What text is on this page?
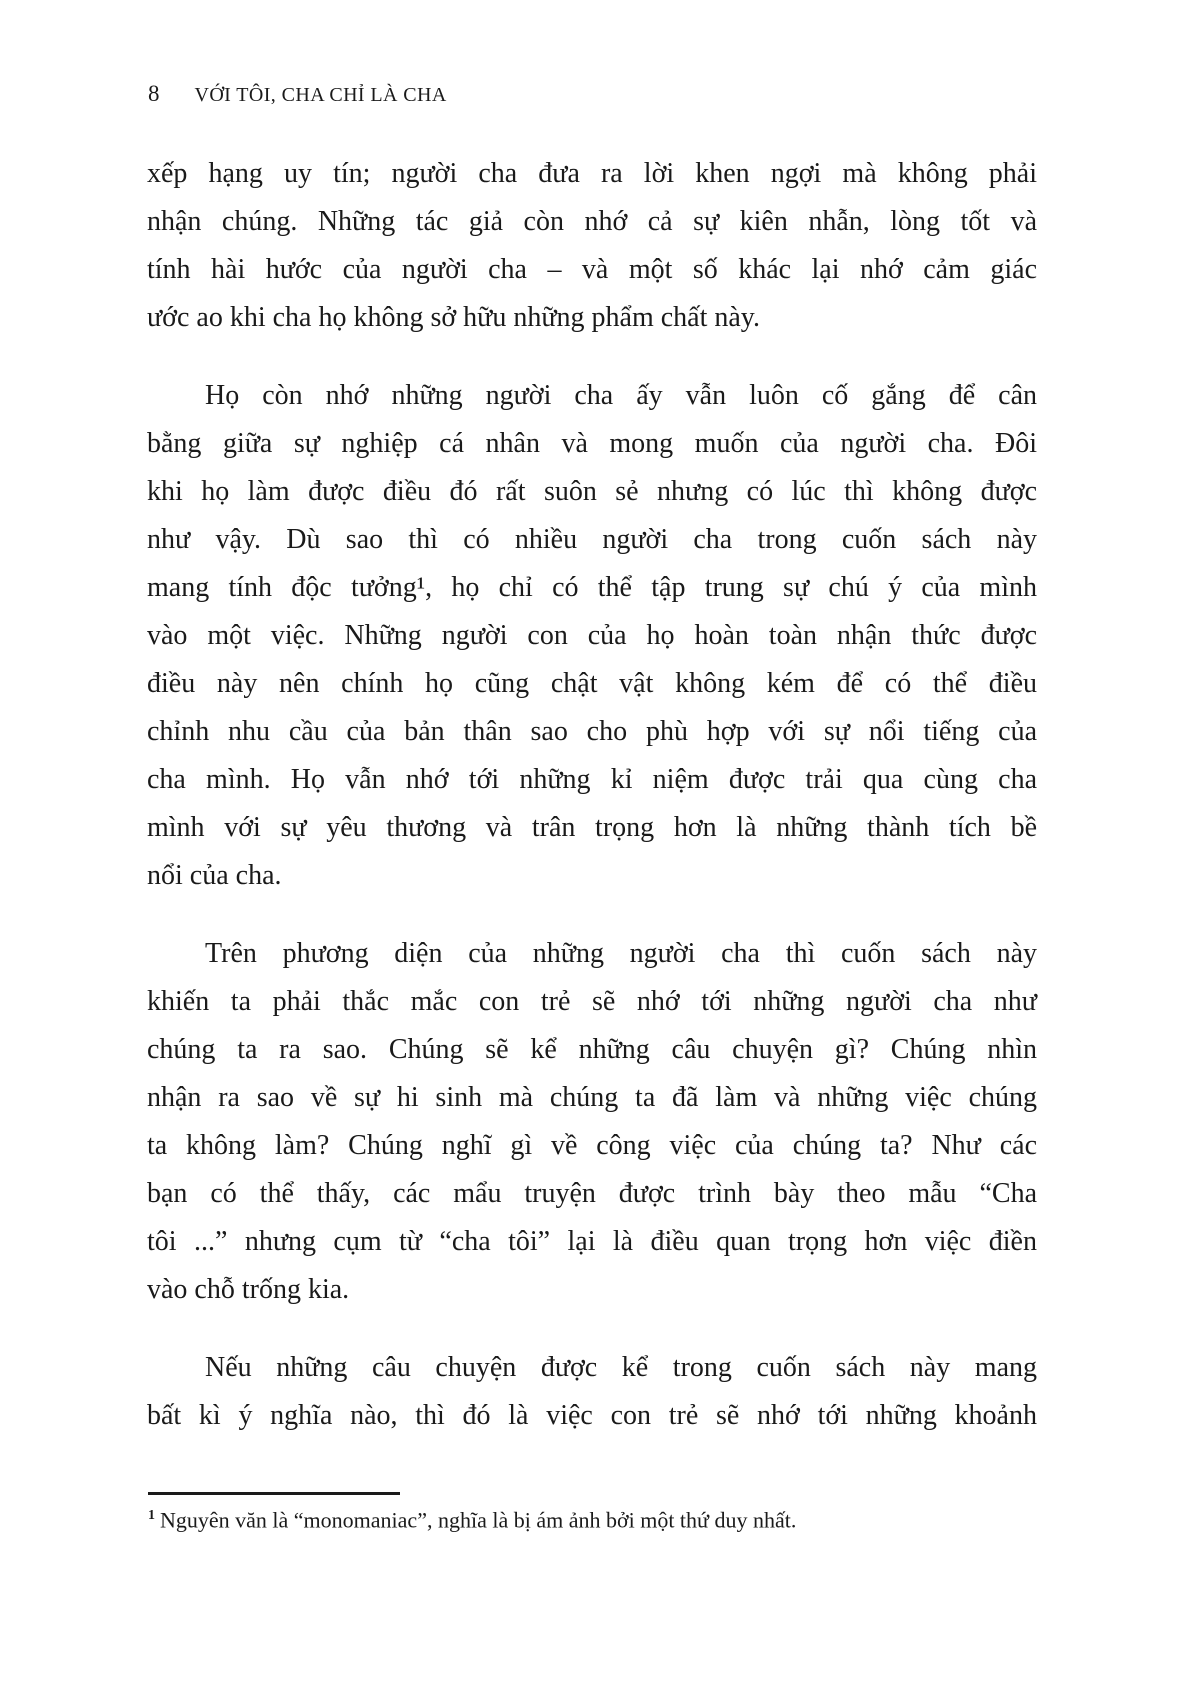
8 VỚI TÔI, CHA CHỈ LÀ CHA
xếp hạng uy tín; người cha đưa ra lời khen ngợi mà không phải
nhận chúng. Những tác giả còn nhớ cả sự kiên nhẫn, lòng tốt và
tính hài hước của người cha – và một số khác lại nhớ cảm giác
ước ao khi cha họ không sở hữu những phẩm chất này.
Họ còn nhớ những người cha ấy vẫn luôn cố gắng để cân
bằng giữa sự nghiệp cá nhân và mong muốn của người cha. Đôi
khi họ làm được điều đó rất suôn sẻ nhưng có lúc thì không được
như vậy. Dù sao thì có nhiều người cha trong cuốn sách này
mang tính độc tưởng¹, họ chỉ có thể tập trung sự chú ý của mình
vào một việc. Những người con của họ hoàn toàn nhận thức được
điều này nên chính họ cũng chật vật không kém để có thể điều
chỉnh nhu cầu của bản thân sao cho phù hợp với sự nổi tiếng của
cha mình. Họ vẫn nhớ tới những kỉ niệm được trải qua cùng cha
mình với sự yêu thương và trân trọng hơn là những thành tích bề
nổi của cha.
Trên phương diện của những người cha thì cuốn sách này
khiến ta phải thắc mắc con trẻ sẽ nhớ tới những người cha như
chúng ta ra sao. Chúng sẽ kể những câu chuyện gì? Chúng nhìn
nhận ra sao về sự hi sinh mà chúng ta đã làm và những việc chúng
ta không làm? Chúng nghĩ gì về công việc của chúng ta? Như các
bạn có thể thấy, các mẩu truyện được trình bày theo mẫu “Cha
tôi ...” nhưng cụm từ “cha tôi” lại là điều quan trọng hơn việc điền
vào chỗ trống kia.
Nếu những câu chuyện được kể trong cuốn sách này mang
bất kì ý nghĩa nào, thì đó là việc con trẻ sẽ nhớ tới những khoảnh

$^1$ Nguyên văn là “monomaniac”, nghĩa là bị ám ảnh bởi một thứ duy nhất.
